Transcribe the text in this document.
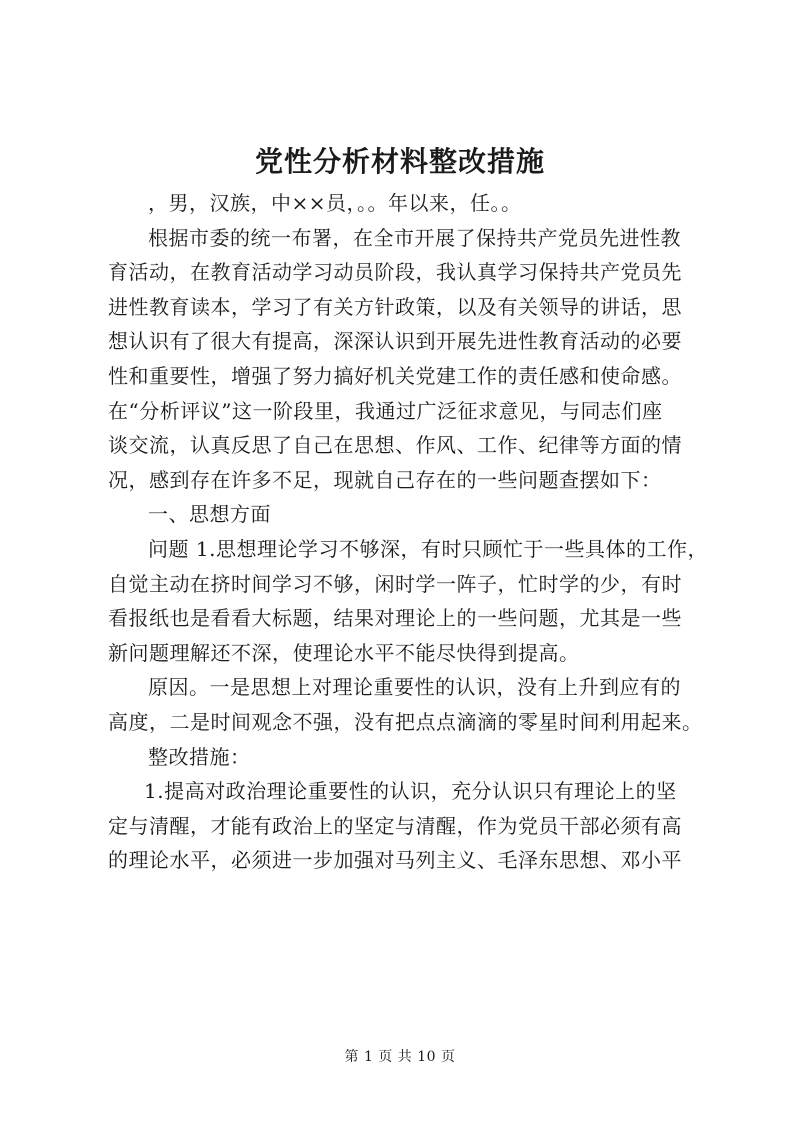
党性分析材料整改措施
，男，汉族，中××员，。。年以来，任。。
根据市委的统一布署，在全市开展了保持共产党员先进性教
育活动，在教育活动学习动员阶段，我认真学习保持共产党员先
进性教育读本，学习了有关方针政策，以及有关领导的讲话，思
想认识有了很大有提高，深深认识到开展先进性教育活动的必要
性和重要性，增强了努力搞好机关党建工作的责任感和使命感。
在“分析评议”这一阶段里，我通过广泛征求意见，与同志们座
谈交流，认真反思了自己在思想、作风、工作、纪律等方面的情
况，感到存在许多不足，现就自己存在的一些问题查摆如下：
一、思想方面
问题 1.思想理论学习不够深，有时只顾忙于一些具体的工作，
自觉主动在挤时间学习不够，闲时学一阵子，忙时学的少，有时
看报纸也是看看大标题，结果对理论上的一些问题，尤其是一些
新问题理解还不深，使理论水平不能尽快得到提高。
原因。一是思想上对理论重要性的认识，没有上升到应有的
高度，二是时间观念不强，没有把点点滴滴的零星时间利用起来。
整改措施：
1.提高对政治理论重要性的认识，充分认识只有理论上的坚
定与清醒，才能有政治上的坚定与清醒，作为党员干部必须有高
的理论水平，必须进一步加强对马列主义、毛泽东思想、邓小平
第 1 页 共 10 页
